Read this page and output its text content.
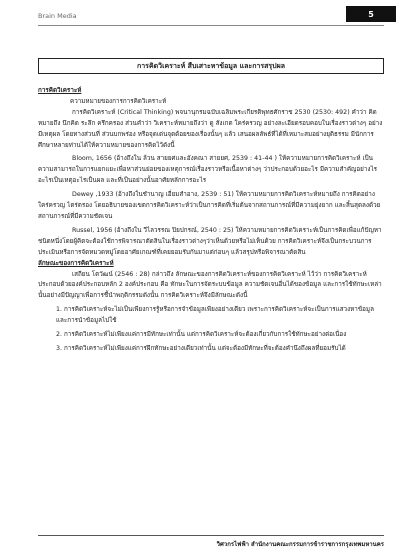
Brain Media	5
การคิดวิเคราะห์ สืบเสาะหาข้อมูล และการสรุปผล

การคิดวิเคราะห์

ความหมายของการการคิดวิเคราะห์

การคิดวิเคราะห์ (Critical Thinking) พจนานุกรมฉบับเฉลิมพระเกียรติพุทธศักราช 2530 (2530: 492) คำว่า คิดหมายถึง นึกคิด ระลึก ครึกครอง ส่วนคำว่า วิเคราะห์หมายถึงว่า ดู สังเกต ใคร่ครวญ อย่างละเอียดรอบคอบในเรื่องราวต่างๆ อย่างมีเหตุผล โดยทางส่วนที่ ส่วนบกพร่อง หรือจุดเด่นจุดด้อยของเรื่องนั้นๆ แล้ว เสนอผลลัพธ์ที่ได้ที่เหมาะสมอย่างยุติธรรม มีนักการศึกษาหลายท่านได้ให้ความหมายของการคิดไว้ดังนี้

Bloom, 1656 (อ้างถึงใน ล้วน สายยศและอังคณา สายยศ, 2539 : 41-44 ) ให้ความหมายการคิดวิเคราะห์ เป็นความสามารถในการแยกแยะเพื่อหาส่วนย่อยของเหตุการณ์เรื่องราวหรือเนื้อหาต่างๆ ว่าประกอบด้วยอะไร มีความสำคัญอย่างไร อะไรเป็นเหตุอะไรเป็นผล และที่เป็นอย่างนั้นอาศัยหลักการอะไร

Dewey ,1933 (อ้างถึงในชำนาญ เอี่ยมสำอาง, 2539 : 51) ให้ความหมายการคิดวิเคราะห์หมายถึง การคิดอย่างใคร่ครวญ ไตร่ตรอง โดยอธิบายของเขตการคิดวิเคราะห์ว่าเป็นการคิดที่เริ่มต้นจากสถานการณ์ที่มีความยุ่งยาก และสิ้นสุดลงด้วยสถานการณ์ที่มีความชัดเจน

Russel, 1956 (อ้างถึงใน วีไลวรรณ ปิยปกรณ์, 2540 : 25) ให้ความหมายการคิดวิเคราะห์เป็นการคิดเพื่อแก้ปัญหาชนิดหนึ่งโดยผู้คิดจะต้องใช้การพิจารณาตัดสินในเรื่องราวต่างๆว่าเห็นด้วยหรือไม่เห็นด้วย การคิดวิเคราะห์จึงเป็นกระบวนการประเมินหรือการจัดหมวดหมู่โดยอาศัยเกณฑ์ที่เคยยอมรับกันมาแต่ก่อนๆ แล้วสรุปหรือพิจารณาตัดสิน

ลักษณะของการคิดวิเคราะห์

เสถียน โตวัฒน์ (2546 : 28) กล่าวถึง ลักษณะของการคิดวิเคราะห์ของการคิดวิเคราะห์ ไว้ว่า การคิดวิเคราะห์ประกอบด้วยองค์ประกอบหลัก 2 องค์ประกอบ คือ ทักษะในการจัดระบบข้อมูล ความชัดเจนอื่นได้ของข้อมูล และการใช้ทักษะเหล่านั้นอย่างมีปัญญาเพื่อการชี้นำพฤติกรรมดังนั้น การคิดวิเคราะห์จึงมีลักษณะดังนี้

1. การคิดวิเคราะห์จะไม่เป็นเพียงการรู้หรือการจำข้อมูลเพียงอย่างเดียว เพราะการคิดวิเคราะห์จะเป็นการแสวงหาข้อมูลและการนำข้อมูลไปใช้

2. การคิดวิเคราะห์ไม่เพียงแค่การมีทักษะเท่านั้น แต่การคิดวิเคราะห์จะต้องเกี่ยวกับการใช้ทักษะอย่างต่อเนื่อง

3. การคิดวิเคราะห์ไม่เพียงแค่การฝึกทักษะอย่างเดียวเท่านั้น แต่จะต้องมีทักษะที่จะต้องคำนึงถึงผลที่ยอมรับได้

วิศวกรไฟฟ้า สำนักงานคณะกรรมการข้าราชการกรุงเทพมหานคร
